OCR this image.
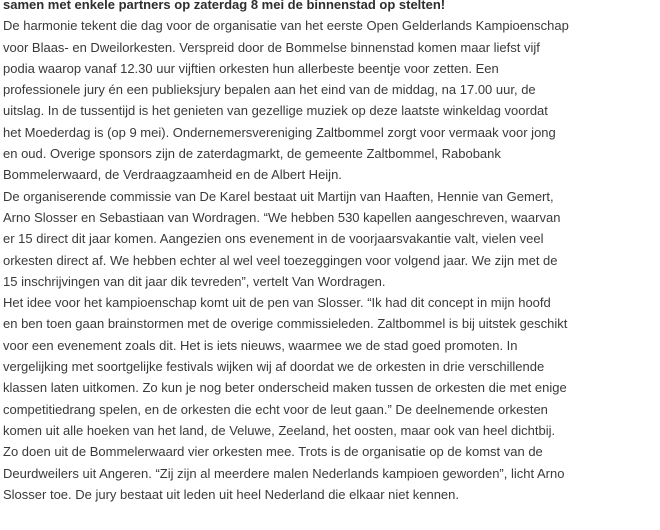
samen met enkele partners op zaterdag 8 mei de binnenstad op stelten!
De harmonie tekent die dag voor de organisatie van het eerste Open Gelderlands Kampioenschap
voor Blaas- en Dweilorkesten. Verspreid door de Bommelse binnenstad komen maar liefst vijf
podia waarop vanaf 12.30 uur vijftien orkesten hun allerbeste beentje voor zetten. Een
professionele jury én een publieksjury bepalen aan het eind van de middag, na 17.00 uur, de
uitslag. In de tussentijd is het genieten van gezellige muziek op deze laatste winkeldag voordat
het Moederdag is (op 9 mei). Ondernemersvereniging Zaltbommel zorgt voor vermaak voor jong
en oud. Overige sponsors zijn de zaterdagmarkt, de gemeente Zaltbommel, Rabobank
Bommelerwaard, de Verdraagzaamheid en de Albert Heijn.
De organiserende commissie van De Karel bestaat uit Martijn van Haaften, Hennie van Gemert,
Arno Slosser en Sebastiaan van Wordragen. “We hebben 530 kapellen aangeschreven, waarvan
er 15 direct dit jaar komen. Aangezien ons evenement in de voorjaarsvakantie valt, vielen veel
orkesten direct af. We hebben echter al wel veel toezeggingen voor volgend jaar. We zijn met de
15 inschrijvingen van dit jaar dik tevreden”, vertelt Van Wordragen.
Het idee voor het kampioenschap komt uit de pen van Slosser. “Ik had dit concept in mijn hoofd
en ben toen gaan brainstormen met de overige commissieleden. Zaltbommel is bij uitstek geschikt
voor een evenement zoals dit. Het is iets nieuws, waarmee we de stad goed promoten. In
vergelijking met soortgelijke festivals wijken wij af doordat we de orkesten in drie verschillende
klassen laten uitkomen. Zo kun je nog beter onderscheid maken tussen de orkesten die met enige
competitiedrang spelen, en de orkesten die echt voor de leut gaan.” De deelnemende orkesten
komen uit alle hoeken van het land, de Veluwe, Zeeland, het oosten, maar ook van heel dichtbij.
Zo doen uit de Bommelerwaard vier orkesten mee. Trots is de organisatie op de komst van de
Deurdweilers uit Angeren. “Zij zijn al meerdere malen Nederlands kampioen geworden”, licht Arno
Slosser toe. De jury bestaat uit leden uit heel Nederland die elkaar niet kennen.
